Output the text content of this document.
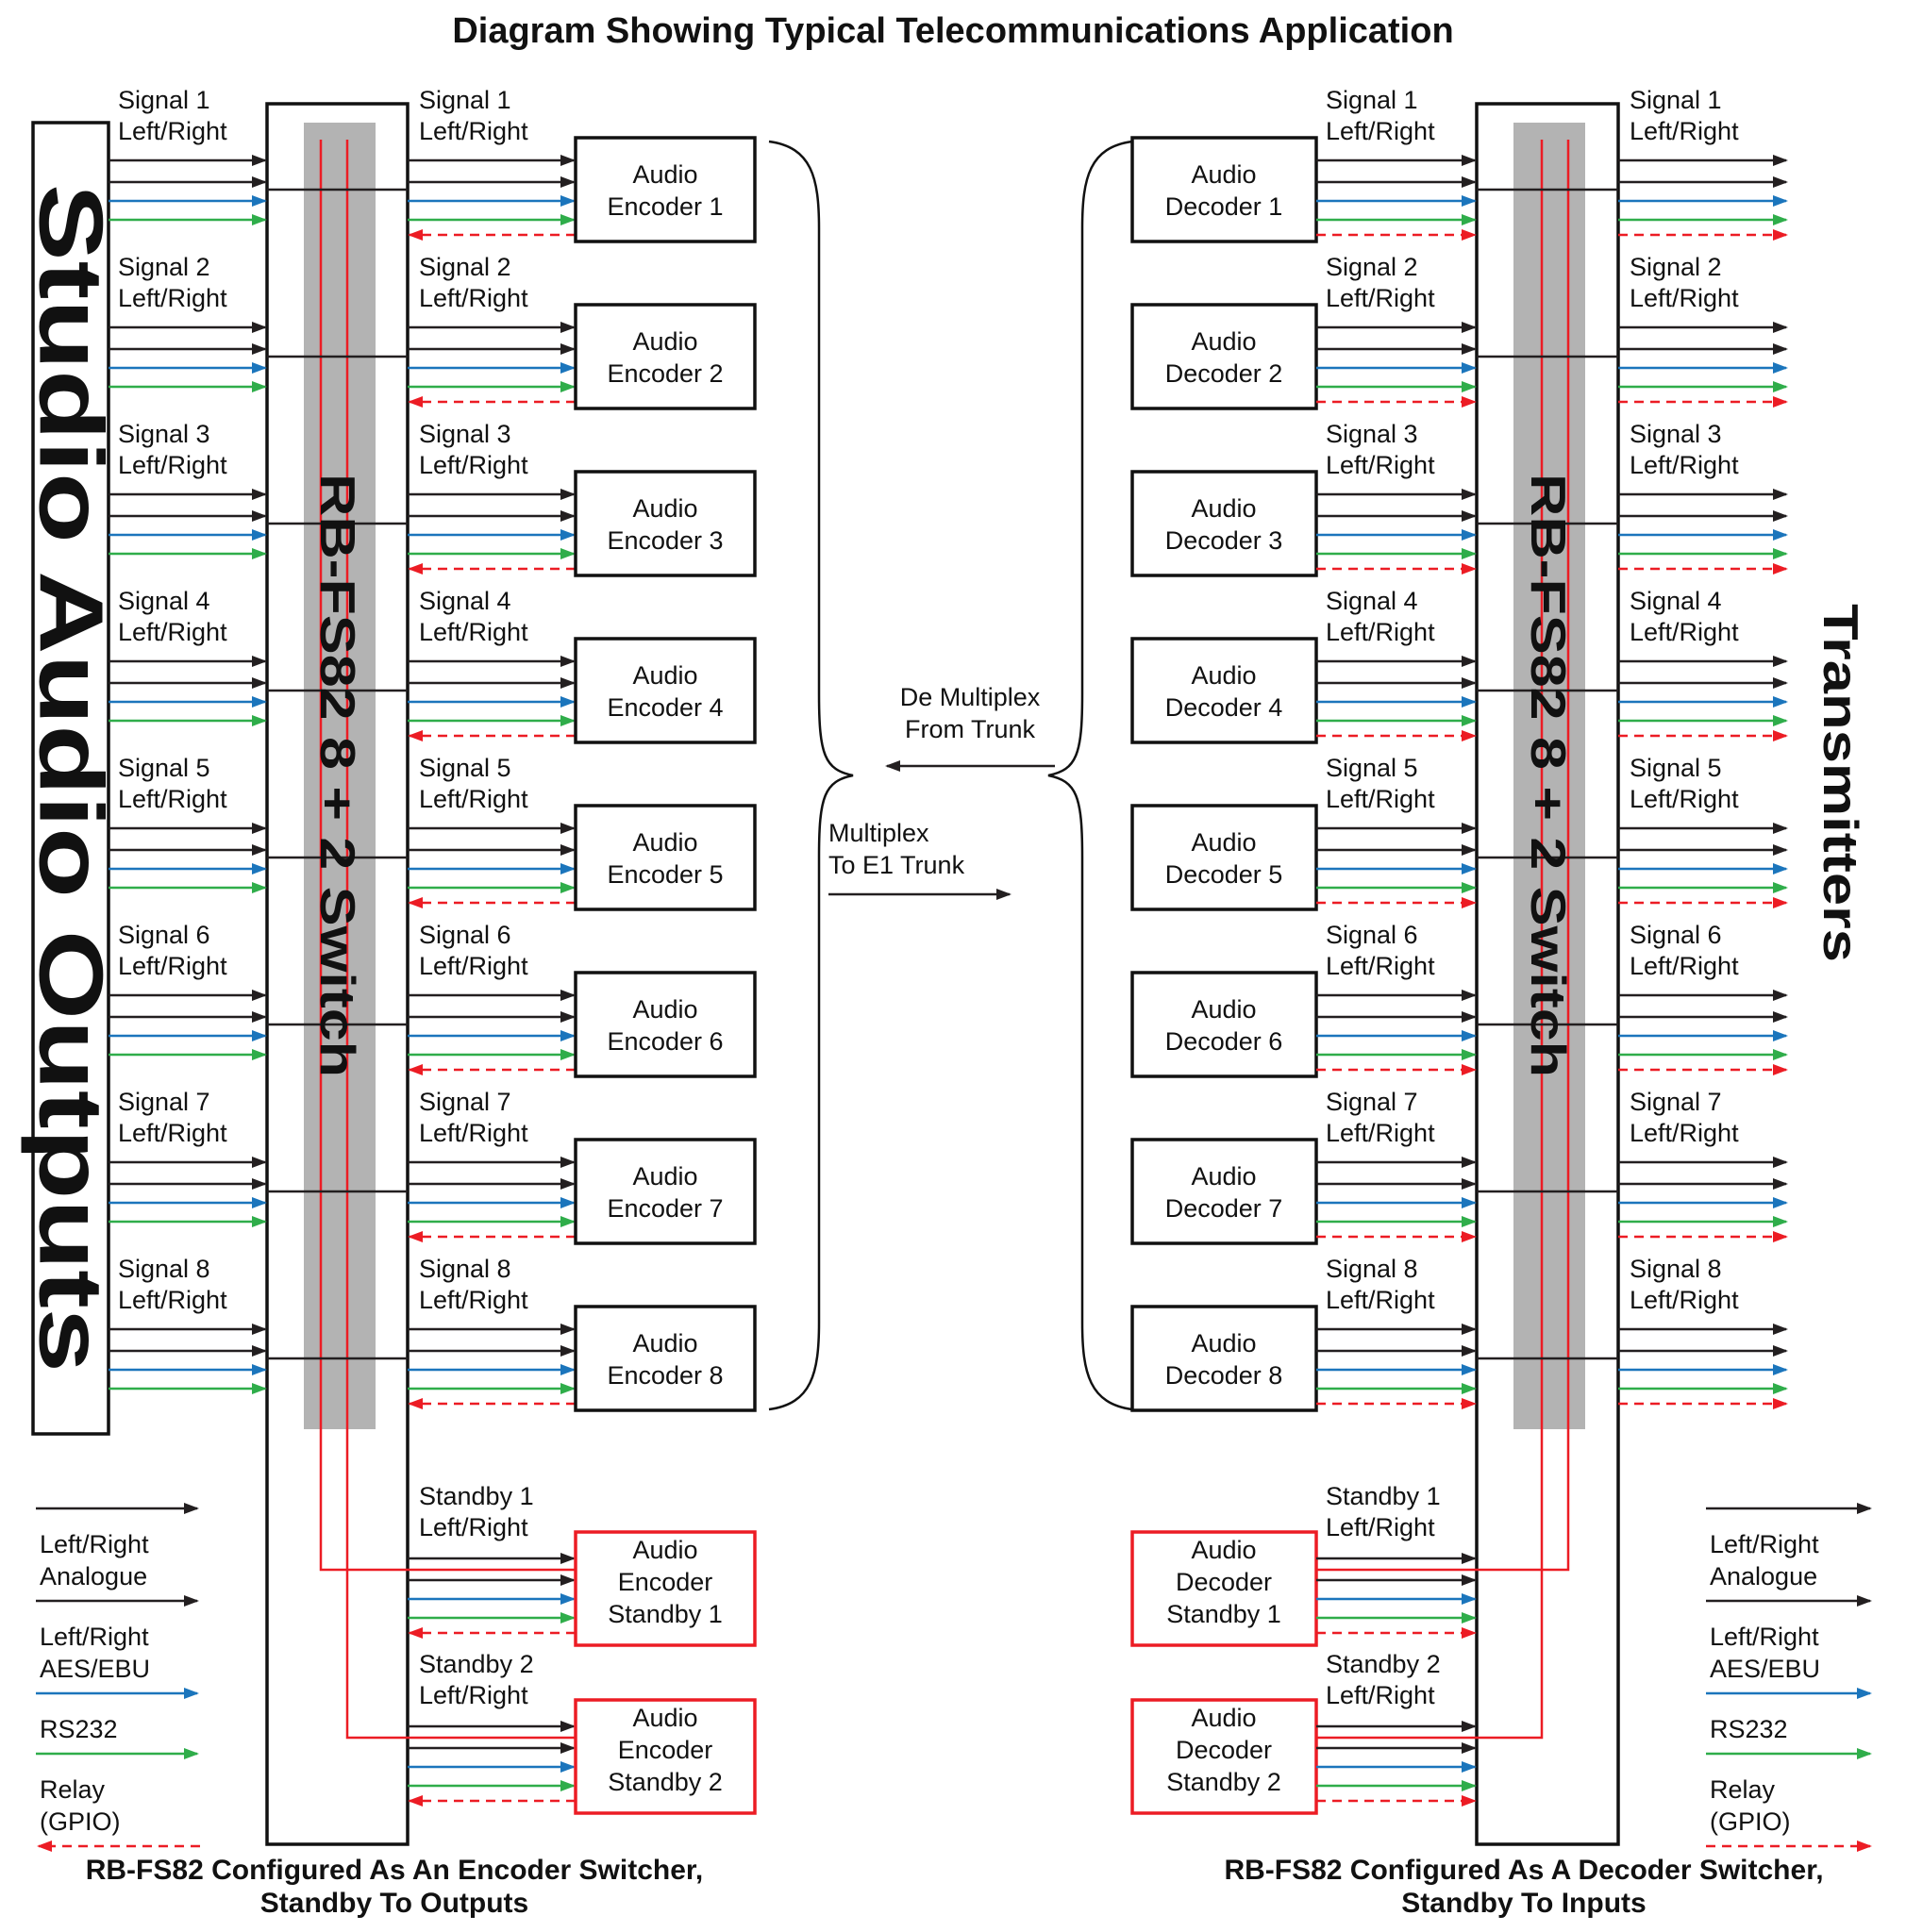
De Multiplex
From Trunk
Multiplex
To E1 Trunk
Signal 1
Left/Right
Signal 1
Left/Right
Audio
Encoder 1
Signal 2
Left/Right
Signal 2
Left/Right
Audio
Encoder 2
Signal 3
Left/Right
Signal 3
Left/Right
Audio
Encoder 3
Signal 4
Left/Right
Signal 4
Left/Right
Audio
Encoder 4
Signal 5
Left/Right
Signal 5
Left/Right
Audio
Encoder 5
Signal 6
Left/Right
Signal 6
Left/Right
Audio
Encoder 6
Signal 7
Left/Right
Signal 7
Left/Right
Audio
Encoder 7
Signal 8
Left/Right
Signal 8
Left/Right
Audio
Encoder 8
Audio
Decoder 1
Signal 1
Left/Right
Signal 1
Left/Right
Audio
Decoder 2
Signal 2
Left/Right
Signal 2
Left/Right
Audio
Decoder 3
Signal 3
Left/Right
Signal 3
Left/Right
Audio
Decoder 4
Signal 4
Left/Right
Signal 4
Left/Right
Audio
Decoder 5
Signal 5
Left/Right
Signal 5
Left/Right
Audio
Decoder 6
Signal 6
Left/Right
Signal 6
Left/Right
Audio
Decoder 7
Signal 7
Left/Right
Signal 7
Left/Right
Audio
Decoder 8
Signal 8
Left/Right
Signal 8
Left/Right
Standby 1
Left/Right
Audio
Encoder
Standby 1
Standby 2
Left/Right
Audio
Encoder
Standby 2
Audio
Decoder
Standby 1
Standby 1
Left/Right
Audio
Decoder
Standby 2
Standby 2
Left/Right
Studio Audio Outputs	RB-FS82 8 + 2 Switch	RB-FS82 8 + 2 Switch	Transmitters
Left/Right
Analogue
Left/Right
AES/EBU
RS232
Relay
(GPIO)
Left/Right
Analogue
Left/Right
AES/EBU
RS232
Relay
(GPIO)
Diagram Showing Typical Telecommunications Application
RB-FS82 Configured As An Encoder Switcher,
Standby To Outputs
RB-FS82 Configured As A Decoder Switcher,
Standby To Inputs
